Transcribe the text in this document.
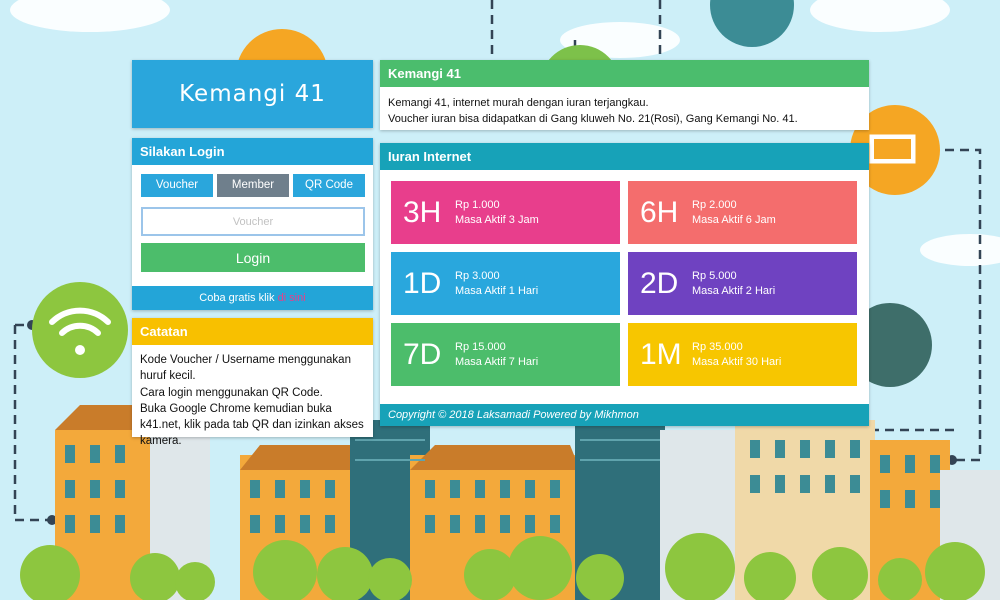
Kemangi 41
Silakan Login
Voucher	Member	QR Code
Voucher
Login
Coba gratis klik di sini
Catatan
Kode Voucher / Username menggunakan huruf kecil.
Cara login menggunakan QR Code.
Buka Google Chrome kemudian buka k41.net, klik pada tab QR dan izinkan akses kamera.
Kemangi 41
Kemangi 41, internet murah dengan iuran terjangkau.
Voucher iuran bisa didapatkan di Gang kluweh No. 21(Rosi), Gang Kemangi No. 41.
Iuran Internet
3H Rp 1.000
Masa Aktif 3 Jam	6H Rp 2.000
Masa Aktif 6 Jam
1D Rp 3.000
Masa Aktif 1 Hari	2D Rp 5.000
Masa Aktif 2 Hari
7D Rp 15.000
Masa Aktif 7 Hari	1M Rp 35.000
Masa Aktif 30 Hari
Copyright © 2018 Laksamadi Powered by Mikhmon
